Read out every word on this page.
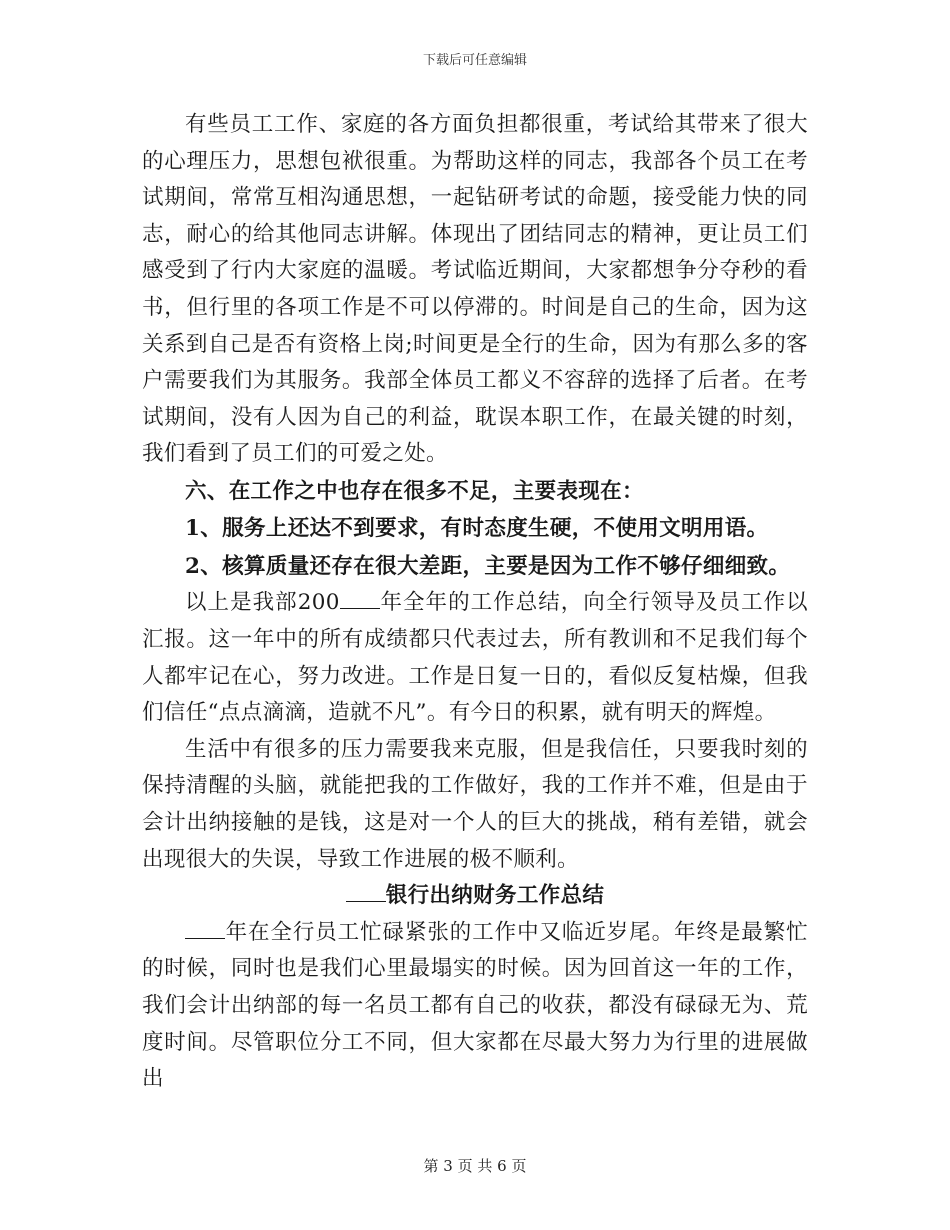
下载后可任意编辑

有些员工工作、家庭的各方面负担都很重，考试给其带来了很大的心理压力，思想包袱很重。为帮助这样的同志，我部各个员工在考试期间，常常互相沟通思想，一起钻研考试的命题，接受能力快的同志，耐心的给其他同志讲解。体现出了团结同志的精神，更让员工们感受到了行内大家庭的温暖。考试临近期间，大家都想争分夺秒的看书，但行里的各项工作是不可以停滞的。时间是自己的生命，因为这关系到自己是否有资格上岗;时间更是全行的生命，因为有那么多的客户需要我们为其服务。我部全体员工都义不容辞的选择了后者。在考试期间，没有人因为自己的利益，耽误本职工作，在最关键的时刻，我们看到了员工们的可爱之处。

六、在工作之中也存在很多不足，主要表现在：

1、服务上还达不到要求，有时态度生硬，不使用文明用语。

2、核算质量还存在很大差距，主要是因为工作不够仔细细致。

以上是我部200 年全年的工作总结，向全行领导及员工作以汇报。这一年中的所有成绩都只代表过去，所有教训和不足我们每个人都牢记在心，努力改进。工作是日复一日的，看似反复枯燥，但我们信任“点点滴滴，造就不凡”。有今日的积累，就有明天的辉煌。

生活中有很多的压力需要我来克服，但是我信任，只要我时刻的保持清醒的头脑，就能把我的工作做好，我的工作并不难，但是由于会计出纳接触的是钱，这是对一个人的巨大的挑战，稍有差错，就会出现很大的失误，导致工作进展的极不顺利。

银行出纳财务工作总结

年在全行员工忙碌紧张的工作中又临近岁尾。年终是最繁忙的时候，同时也是我们心里最塌实的时候。因为回首这一年的工作，我们会计出纳部的每一名员工都有自己的收获，都没有碌碌无为、荒度时间。尽管职位分工不同，但大家都在尽最大努力为行里的进展做出

第 3 页 共 6 页
